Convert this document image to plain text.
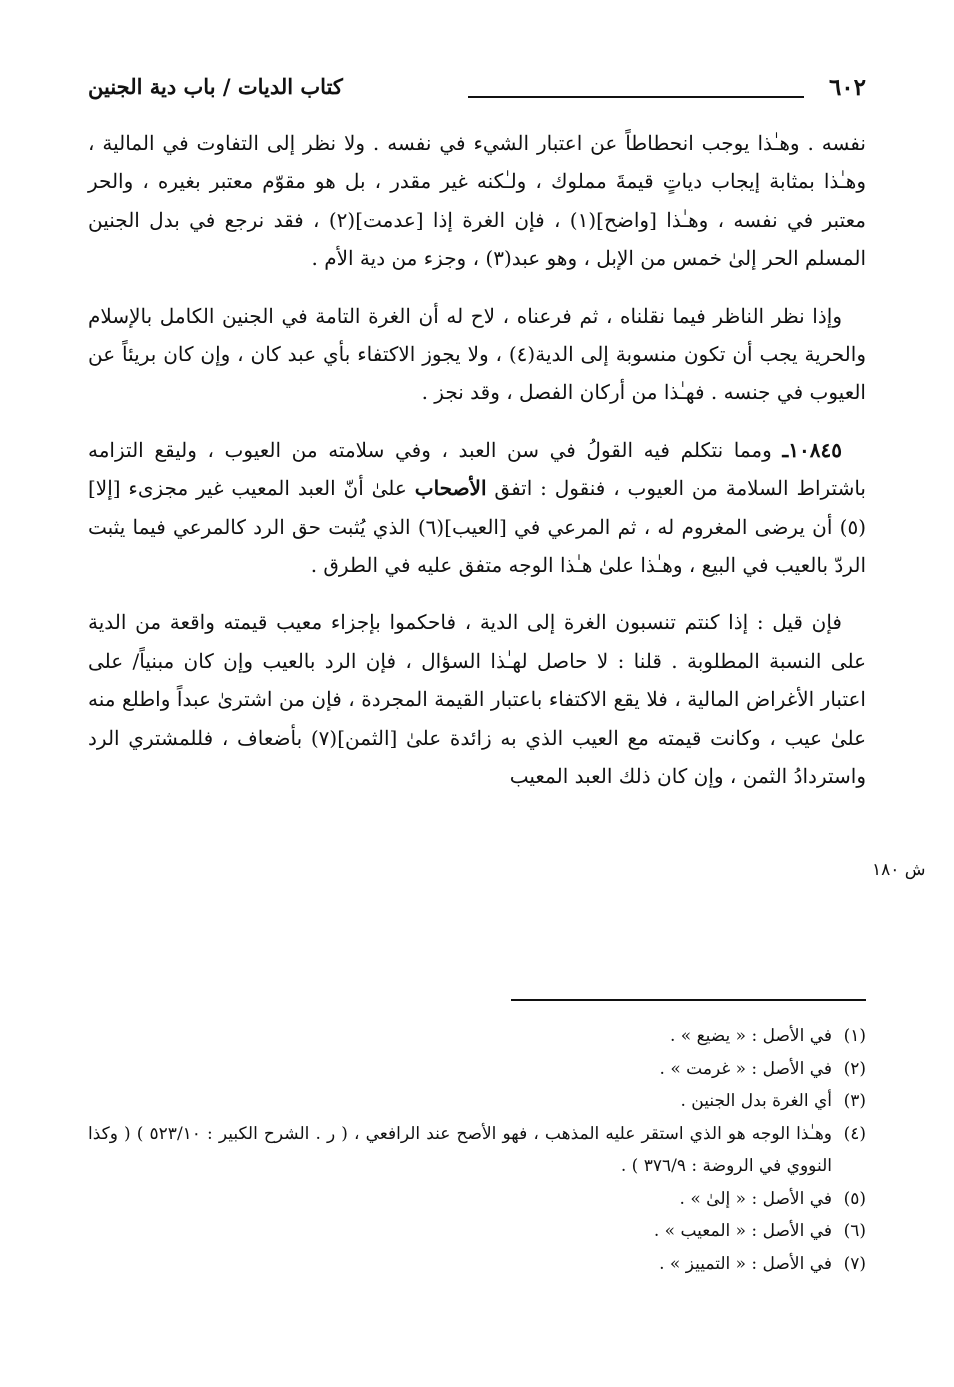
٦٠٢
كتاب الديات / باب دية الجنين

نفسه . وهـٰذا يوجب انحطاطاً عن اعتبار الشيء في نفسه . ولا نظر إلى التفاوت في المالية ، وهـٰذا بمثابة إيجاب دياتٍ قيمةَ مملوك ، ولـٰكنه غير مقدر ، بل هو مقوّم معتبر بغيره ، والحر معتبر في نفسه ، وهـٰذا [واضح](١) ، فإن الغرة إذا [عدمت](٢) ، فقد نرجع في بدل الجنين المسلم الحر إلىٰ خمس من الإبل ، وهو عبد(٣) ، وجزء من دية الأم .

وإذا نظر الناظر فيما نقلناه ، ثم فرعناه ، لاح له أن الغرة التامة في الجنين الكامل بالإسلام والحرية يجب أن تكون منسوبة إلى الدية(٤) ، ولا يجوز الاكتفاء بأي عبد كان ، وإن كان بريئاً عن العيوب في جنسه . فهـٰذا من أركان الفصل ، وقد نجز .

١٠٨٤٥ـ ومما نتكلم فيه القولُ في سن العبد ، وفي سلامته من العيوب ، وليقع التزامه باشتراط السلامة من العيوب ، فنقول : اتفق الأصحاب علىٰ أنّ العبد المعيب غير مجزىء [إلا](٥) أن يرضى المغروم له ، ثم المرعي في [العيب](٦) الذي يُثبت حق الرد كالمرعي فيما يثبت الردّ بالعيب في البيع ، وهـٰذا علىٰ هـٰذا الوجه متفق عليه في الطرق .

فإن قيل : إذا كنتم تنسبون الغرة إلى الدية ، فاحكموا بإجزاء معيب قيمته واقعة من الدية على النسبة المطلوبة . قلنا : لا حاصل لهـٰذا السؤال ، فإن الرد بالعيب وإن كان مبنياً/ على اعتبار الأغراض المالية ، فلا يقع الاكتفاء باعتبار القيمة المجردة ، فإن من اشترىٰ عبداً واطلع منه علىٰ عيب ، وكانت قيمته مع العيب الذي به زائدة علىٰ [الثمن](٧) بأضعاف ، فللمشتري الرد واستردادُ الثمن ، وإن كان ذلك العبد المعيب

ش ١٨٠
(١)
في الأصل : « يضيع » .
(٢)
في الأصل : « غرمت » .
(٣)
أي الغرة بدل الجنين .
(٤)
وهـٰذا الوجه هو الذي استقر عليه المذهب ، فهو الأصح عند الرافعي ، ( ر . الشرح الكبير : ٥٢٣/١٠ ) ( وكذا النووي في الروضة : ٣٧٦/٩ ) .
(٥)
في الأصل : « إلىٰ » .
(٦)
في الأصل : « المعيب » .
(٧)
في الأصل : « التمييز » .
